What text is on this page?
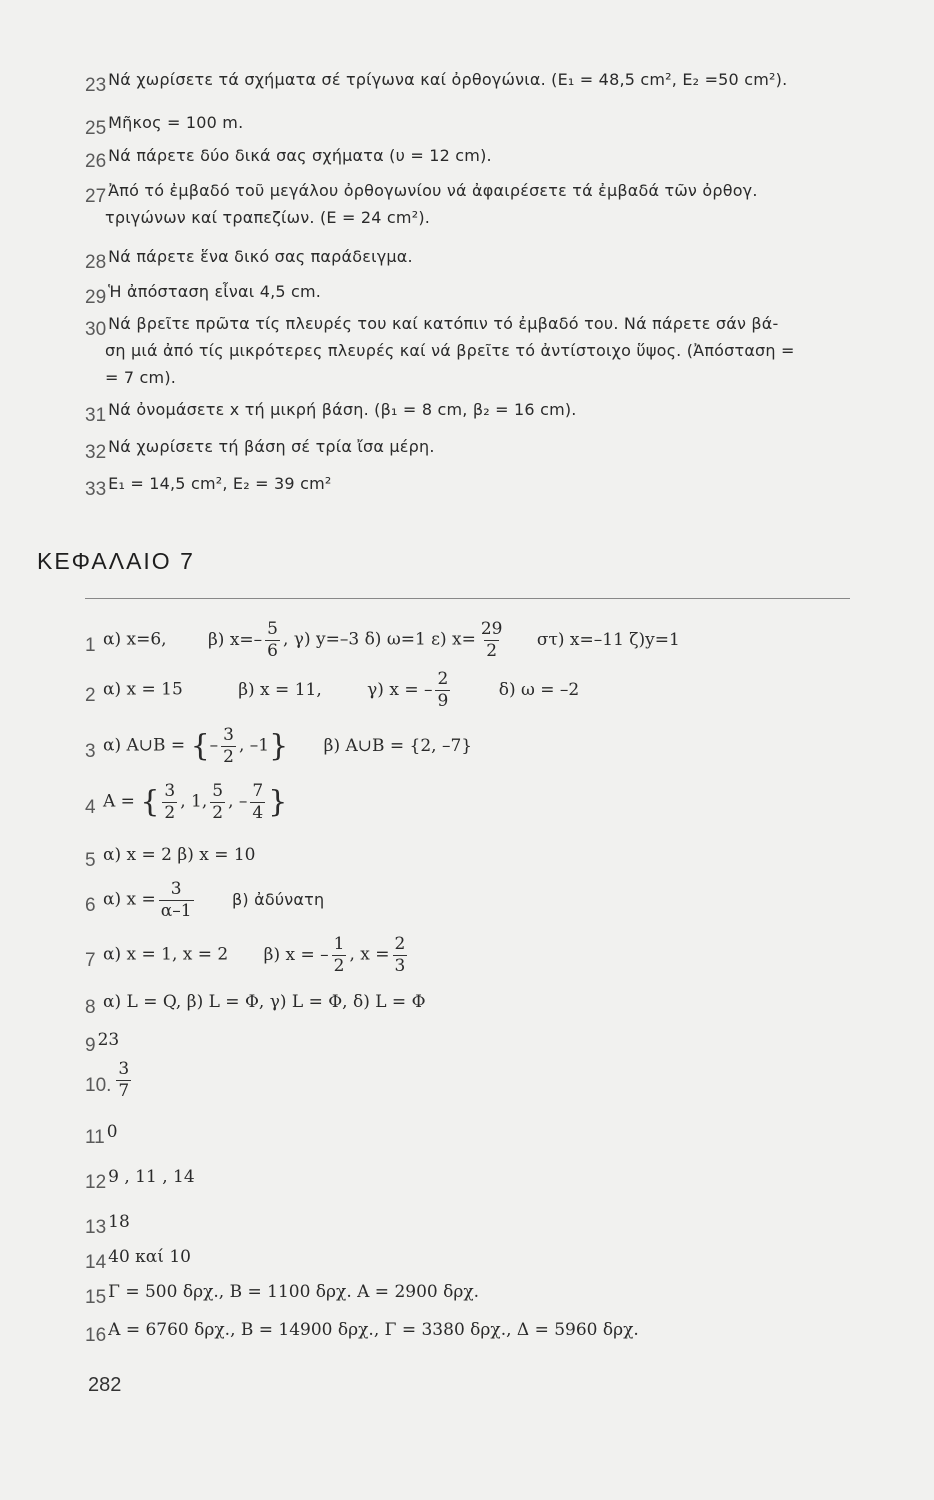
23 Νά χωρίσετε τά σχήματα σέ τρίγωνα καί ὀρθογώνια. (E₁ = 48,5 cm², E₂ =50 cm²).
25 Μῆκος = 100 m.
26 Νά πάρετε δύο δικά σας σχήματα (υ = 12 cm).
27 Ἀπό τό ἐμβαδό τοῦ μεγάλου ὀρθογωνίου νά ἀφαιρέσετε τά ἐμβαδά τῶν ὀρθογ.
τριγώνων καί τραπεζίων. (E = 24 cm²).
28 Νά πάρετε ἕνα δικό σας παράδειγμα.
29 Ἡ ἀπόσταση εἶναι 4,5 cm.
30 Νά βρεῖτε πρῶτα τίς πλευρές του καί κατόπιν τό ἐμβαδό του. Νά πάρετε σάν βά-
ση μιά ἀπό τίς μικρότερες πλευρές καί νά βρεῖτε τό ἀντίστοιχο ὕψος. (Ἀπόσταση =
= 7 cm).
31 Νά ὀνομάσετε x τή μικρή βάση. (β₁ = 8 cm, β₂ = 16 cm).
32 Νά χωρίσετε τή βάση σέ τρία ἴσα μέρη.
33 E₁ = 14,5 cm², E₂ = 39 cm²
ΚΕΦΑΛΑΙΟ 7
1 α) x=6, β) $x=- \frac{5}{6}$ , γ) y=–3 δ) ω=1 ε) $x= \frac{29}{2} \sigma\tau$) x=–11 ζ)y=1
2 α) x = 15	β) x = 11,	γ) x = – $\frac{2}{9}$	δ) ω = –2
3 α) A∪B = {– $\frac{3}{2}$ , –1} β) A∪B = {2, –7}
4 A = { $\frac{3}{2}$ , 1, $\frac{5}{2}$ , – $\frac{7}{4}$ }
5 α) x = 2 β) x = 10
6 α) $x = \frac{3}{\alpha-1} \beta$) ἀδύνατη
7 α) x = 1, x = 2 β) x = – $\frac{1}{2}$ , $x = \frac{2}{3}$
8 α) L = Q, β) L = Φ, γ) L = Φ, δ) L = Φ
9 23
10. $\frac{3}{7}$
11 0
12 9 , 11 , 14
13 18
14 40 καί 10
15 Γ = 500 δρχ., B = 1100 δρχ. A = 2900 δρχ.
16 A = 6760 δρχ., B = 14900 δρχ., Γ = 3380 δρχ., Δ = 5960 δρχ.
282
